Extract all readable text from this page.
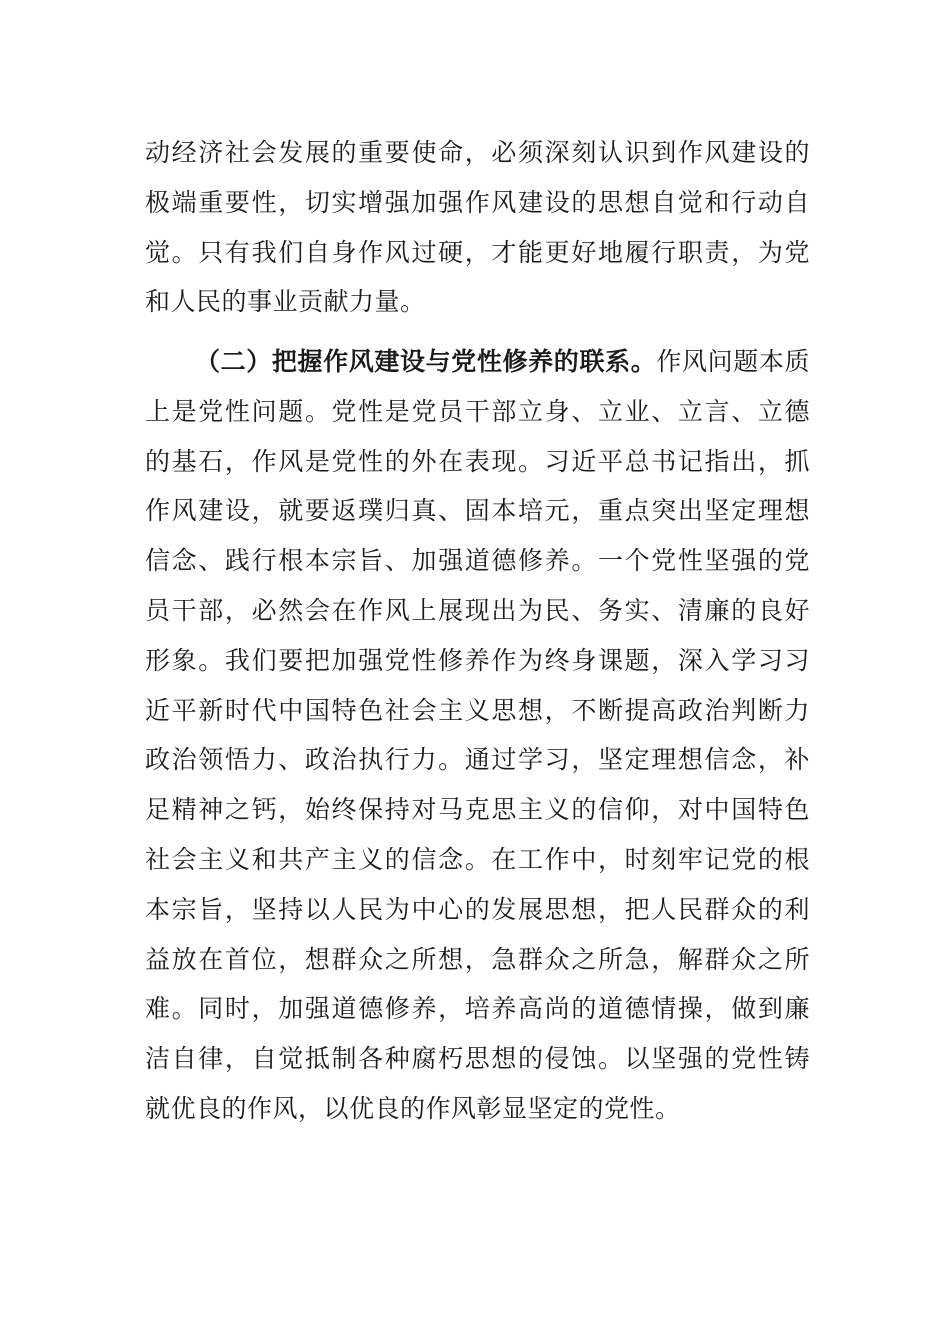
动经济社会发展的重要使命，必须深刻认识到作风建设的
极端重要性，切实增强加强作风建设的思想自觉和行动自
觉。只有我们自身作风过硬，才能更好地履行职责，为党
和人民的事业贡献力量。
（二）把握作风建设与党性修养的联系。作风问题本质
上是党性问题。党性是党员干部立身、立业、立言、立德
的基石，作风是党性的外在表现。习近平总书记指出，抓
作风建设，就要返璞归真、固本培元，重点突出坚定理想
信念、践行根本宗旨、加强道德修养。一个党性坚强的党
员干部，必然会在作风上展现出为民、务实、清廉的良好
形象。我们要把加强党性修养作为终身课题，深入学习习
近平新时代中国特色社会主义思想，不断提高政治判断力
政治领悟力、政治执行力。通过学习，坚定理想信念，补
足精神之钙，始终保持对马克思主义的信仰，对中国特色
社会主义和共产主义的信念。在工作中，时刻牢记党的根
本宗旨，坚持以人民为中心的发展思想，把人民群众的利
益放在首位，想群众之所想，急群众之所急，解群众之所
难。同时，加强道德修养，培养高尚的道德情操，做到廉
洁自律，自觉抵制各种腐朽思想的侵蚀。以坚强的党性铸
就优良的作风，以优良的作风彰显坚定的党性。
